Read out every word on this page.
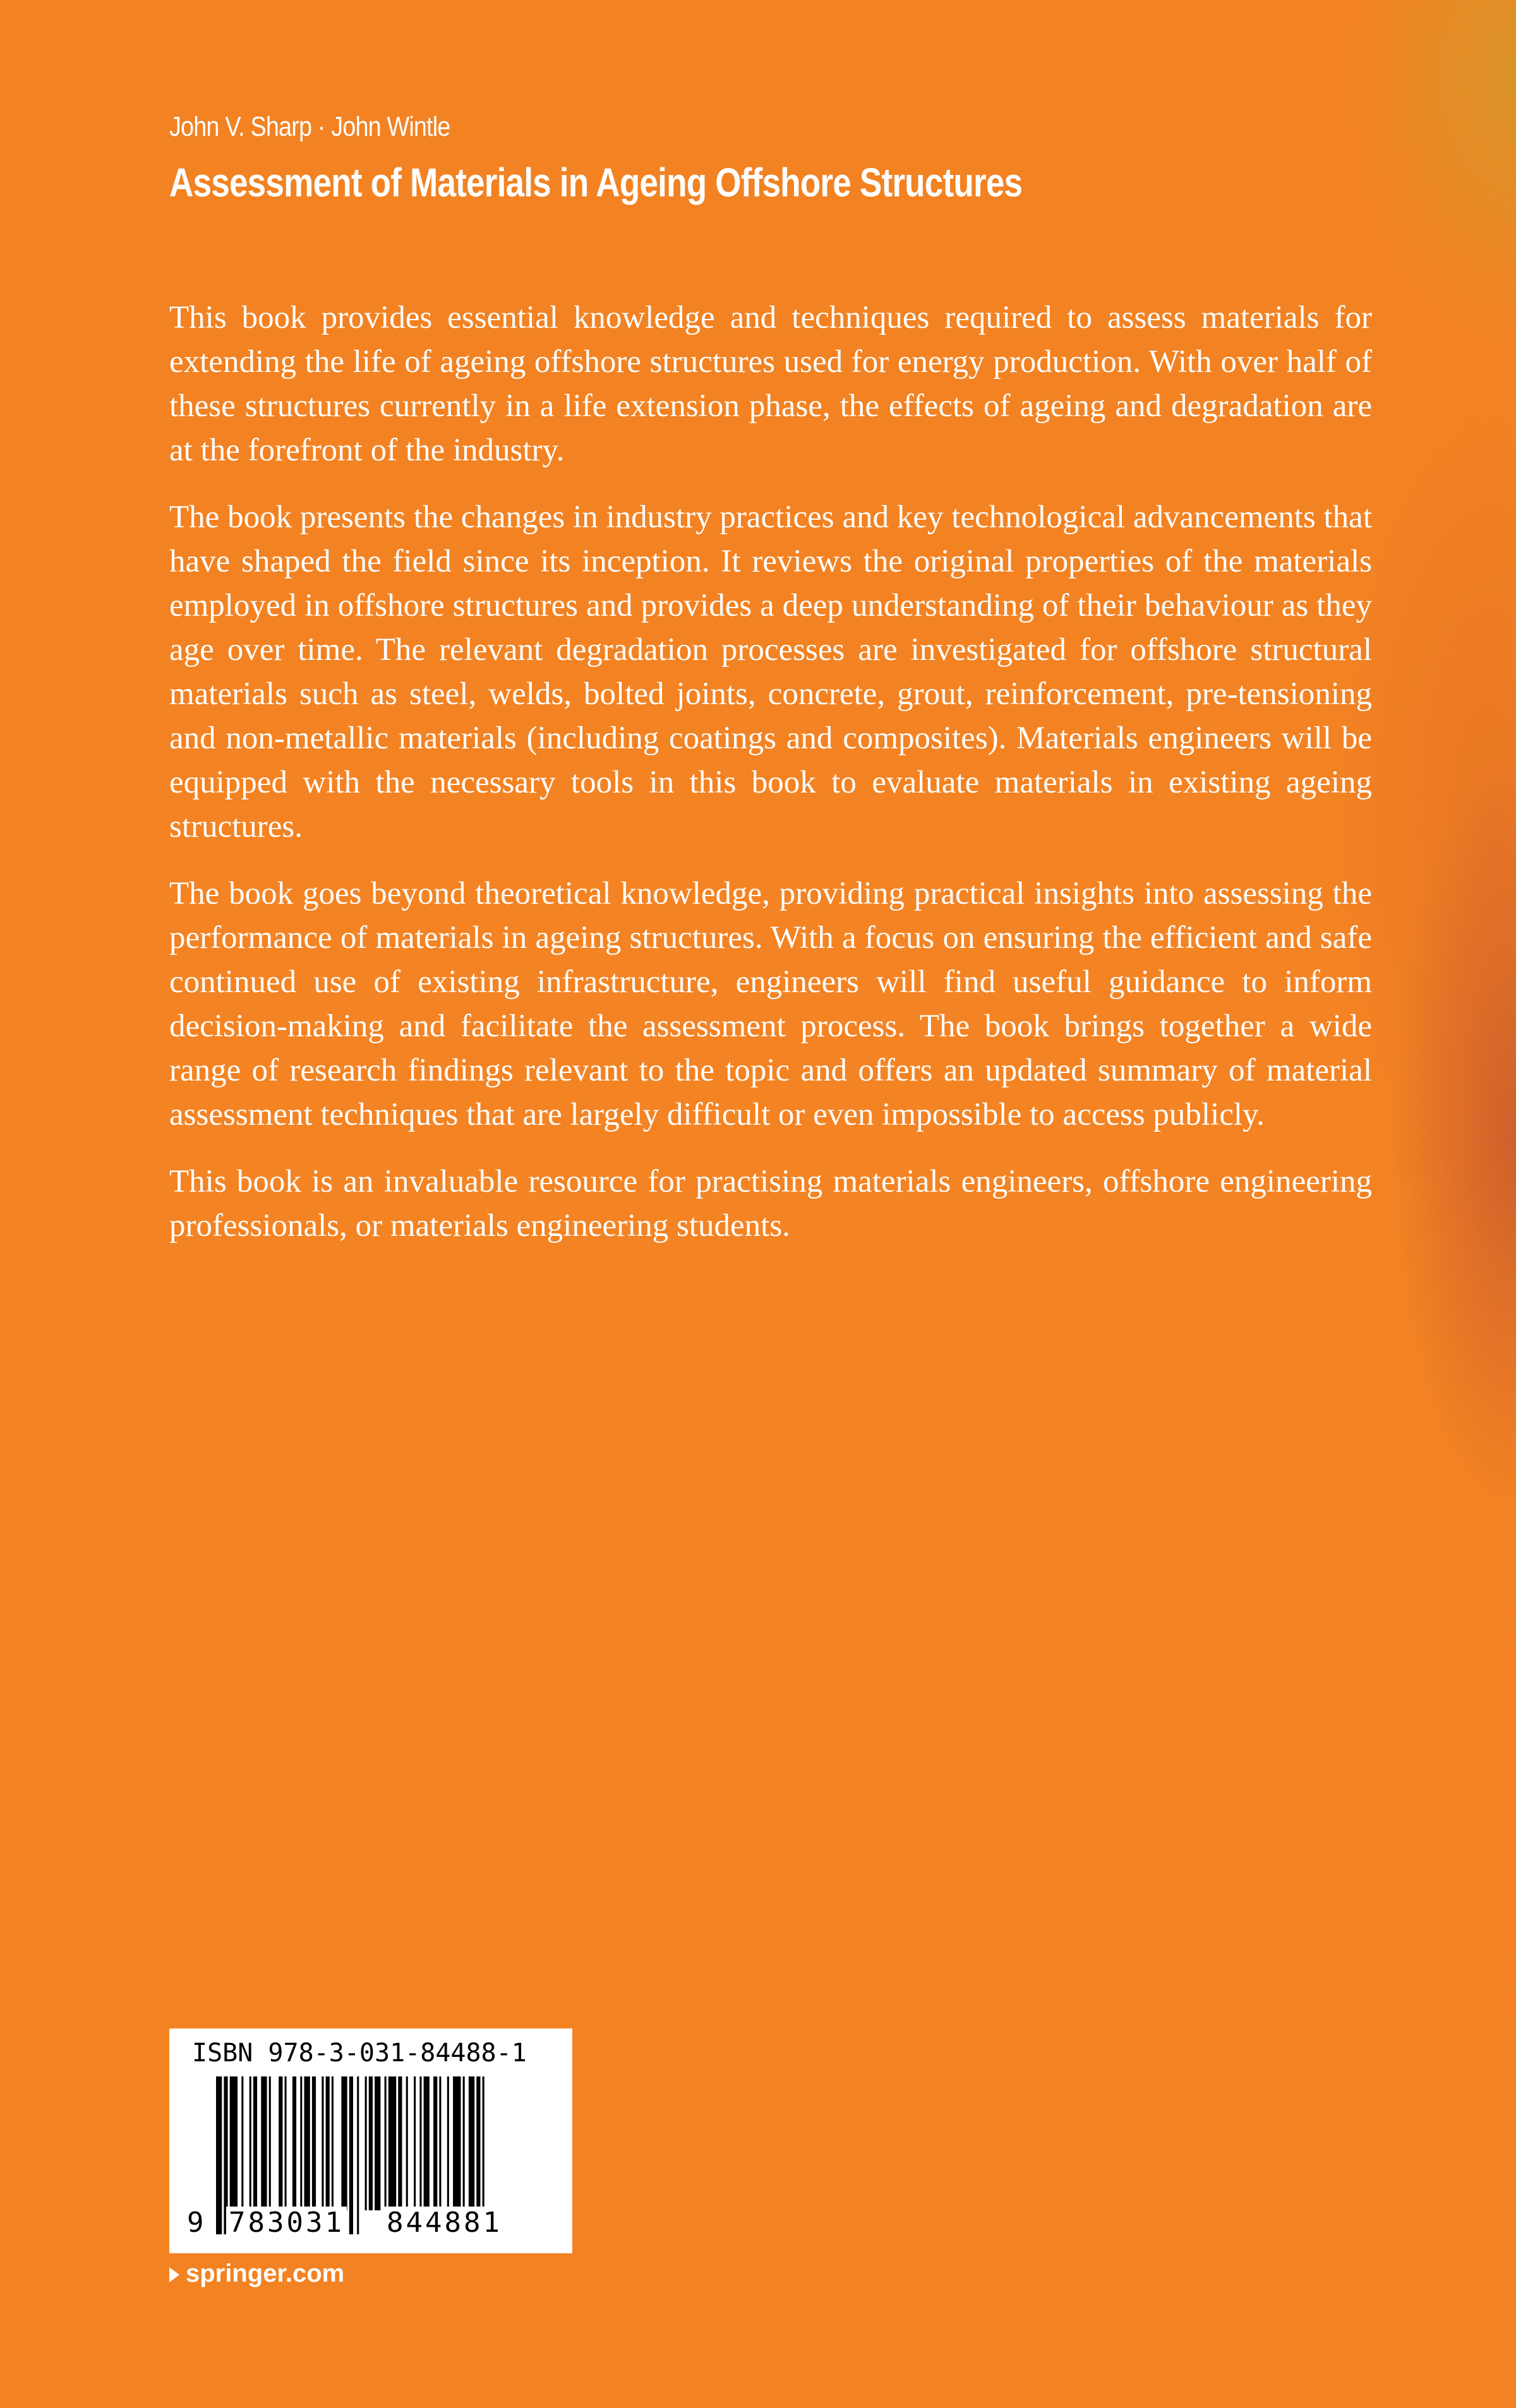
John V. Sharp · John Wintle
Assessment of Materials in Ageing Offshore Structures

This book provides essential knowledge and techniques required to assess materials for extending the life of ageing offshore structures used for energy production. With over half of these structures currently in a life extension phase, the effects of ageing and degradation are at the forefront of the industry.

The book presents the changes in industry practices and key technological advancements that have shaped the field since its inception. It reviews the original properties of the materials employed in offshore structures and provides a deep understanding of their behaviour as they age over time. The relevant degradation processes are investigated for offshore structural materials such as steel, welds, bolted joints, concrete, grout, reinforcement, pre-tensioning and non-metallic materials (including coatings and composites). Materials engineers will be equipped with the necessary tools in this book to evaluate materials in existing ageing structures.

The book goes beyond theoretical knowledge, providing practical insights into assessing the performance of materials in ageing structures. With a focus on ensuring the efficient and safe continued use of existing infrastructure, engineers will find useful guidance to inform decision-making and facilitate the assessment process. The book brings together a wide range of research findings relevant to the topic and offers an updated summary of material assessment techniques that are largely difficult or even impossible to access publicly.

This book is an invaluable resource for practising materials engineers, offshore engineering professionals, or materials engineering students.

ISBN 978-3-031-84488-1
9 783031 844881
springer.com
